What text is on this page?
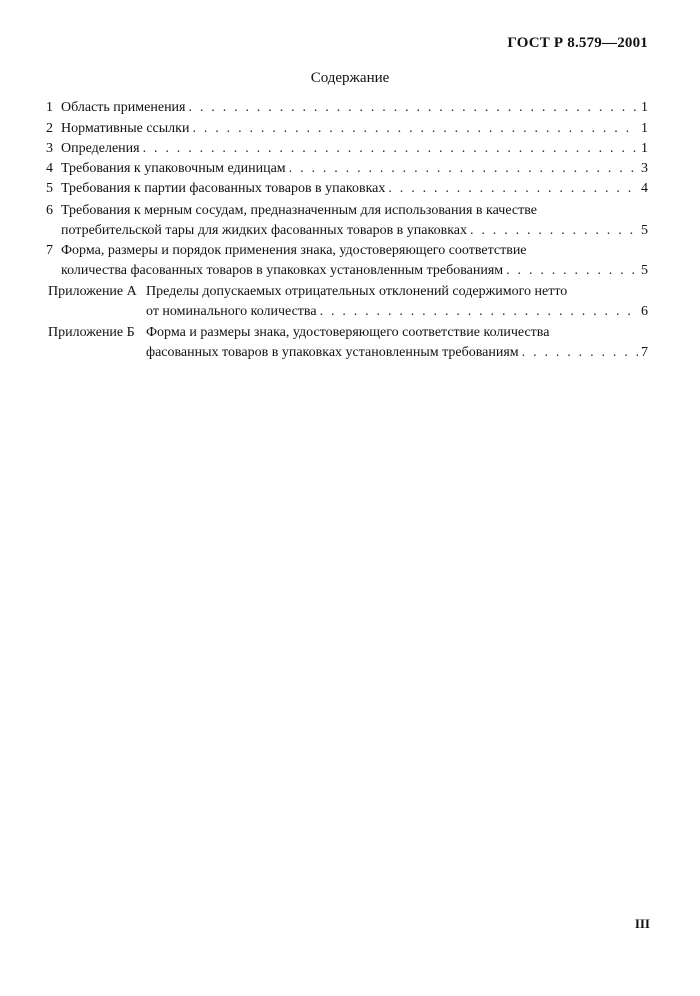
ГОСТ Р 8.579—2001
Содержание
1 Область применения . . .	1
2 Нормативные ссылки . . .	1
3 Определения . . .	1
4 Требования к упаковочным единицам . . .	3
5 Требования к партии фасованных товаров в упаковках . . .	4
6 Требования к мерным сосудам, предназначенным для использования в качестве
потребительской тары для жидких фасованных товаров в упаковках . . .	5
7 Форма, размеры и порядок применения знака, удостоверяющего соответствие
количества фасованных товаров в упаковках установленным требованиям . . .	5
Приложение А Пределы допускаемых отрицательных отклонений содержимого нетто
от номинального количества . . .	6
Приложение Б Форма и размеры знака, удостоверяющего соответствие количества
фасованных товаров в упаковках установленным требованиям . . .	7
III
